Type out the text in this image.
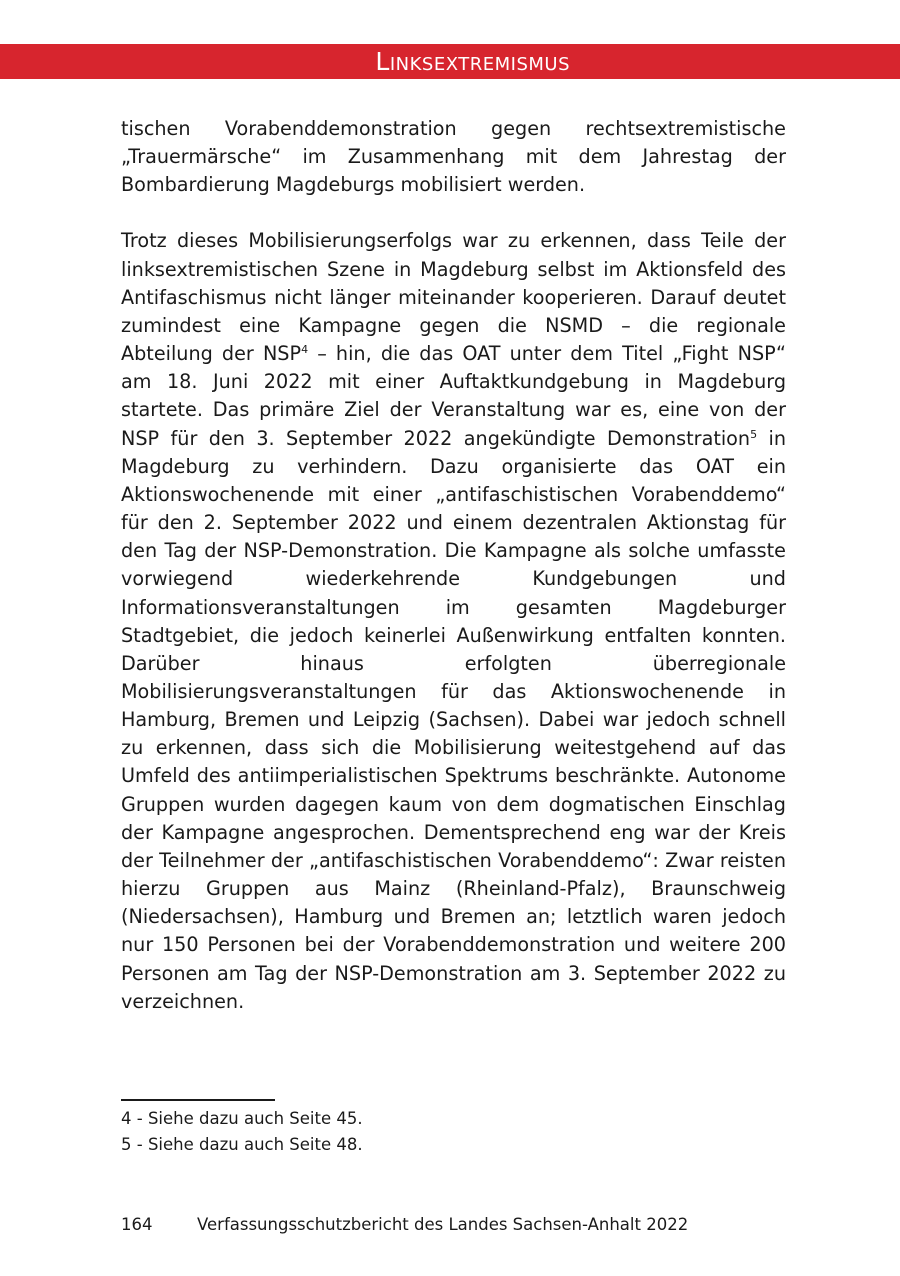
Linksextremismus

tischen Vorabenddemonstration gegen rechtsextremistische „Trauermärsche“ im Zusammenhang mit dem Jahrestag der Bombardierung Magdeburgs mobilisiert werden.

Trotz dieses Mobilisierungserfolgs war zu erkennen, dass Teile der linksextremistischen Szene in Magdeburg selbst im Aktionsfeld des Antifaschismus nicht länger miteinander kooperieren. Darauf deutet zumindest eine Kampagne gegen die NSMD – die regionale Abteilung der NSP$^4$ – hin, die das OAT unter dem Titel „Fight NSP“ am 18. Juni 2022 mit einer Auftaktkundgebung in Magdeburg startete. Das primäre Ziel der Veranstaltung war es, eine von der NSP für den 3. September 2022 angekündigte Demonstration$^5$ in Magdeburg zu verhindern. Dazu organisierte das OAT ein Aktionswochenende mit einer „antifaschistischen Vorabenddemo“ für den 2. September 2022 und einem dezentralen Aktionstag für den Tag der NSP-Demonstration. Die Kampagne als solche umfasste vorwiegend wiederkehrende Kundgebungen und Informationsveranstaltungen im gesamten Magdeburger Stadtgebiet, die jedoch keinerlei Außenwirkung entfalten konnten. Darüber hinaus erfolgten überregionale Mobilisierungsveranstaltungen für das Aktionswochenende in Hamburg, Bremen und Leipzig (Sachsen). Dabei war jedoch schnell zu erkennen, dass sich die Mobilisierung weitestgehend auf das Umfeld des antiimperialistischen Spektrums beschränkte. Autonome Gruppen wurden dagegen kaum von dem dogmatischen Einschlag der Kampagne angesprochen. Dementsprechend eng war der Kreis der Teilnehmer der „antifaschistischen Vorabenddemo“: Zwar reisten hierzu Gruppen aus Mainz (Rheinland-Pfalz), Braunschweig (Niedersachsen), Hamburg und Bremen an; letztlich waren jedoch nur 150 Personen bei der Vorabenddemonstration und weitere 200 Personen am Tag der NSP-Demonstration am 3. September 2022 zu verzeichnen.

4 - Siehe dazu auch Seite 45.
5 - Siehe dazu auch Seite 48.
164	Verfassungsschutzbericht des Landes Sachsen-Anhalt 2022
